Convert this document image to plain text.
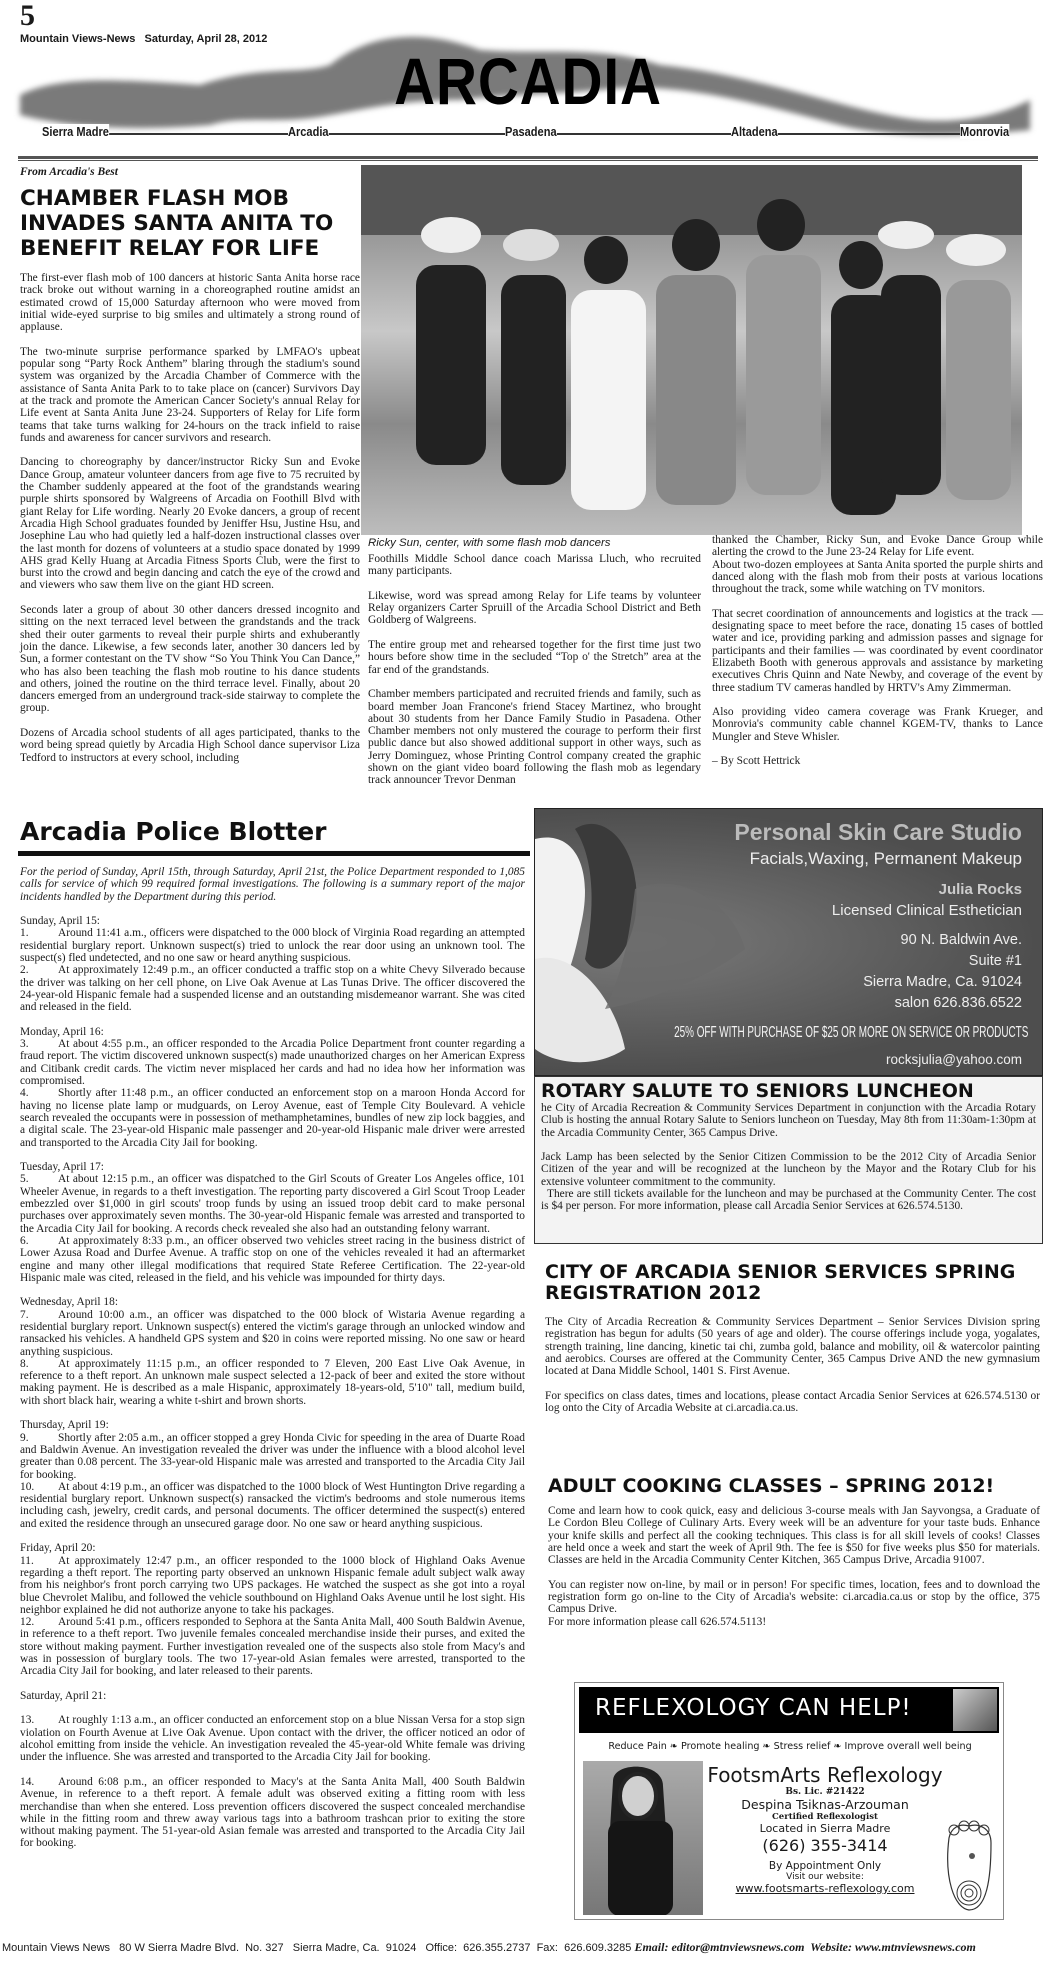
5
Mountain Views-News   Saturday, April 28, 2012
ARCADIA
Sierra Madre	Arcadia	Pasadena	Altadena	Monrovia
From Arcadia's Best
CHAMBER FLASH MOB INVADES SANTA ANITA TO BENEFIT RELAY FOR LIFE

The first-ever flash mob of 100 dancers at historic Santa Anita horse race track broke out without warning in a choreographed routine amidst an estimated crowd of 15,000 Saturday afternoon who were moved from initial wide-eyed surprise to big smiles and ultimately a strong round of applause.

The two-minute surprise performance sparked by LMFAO's upbeat popular song “Party Rock Anthem” blaring through the stadium's sound system was organized by the Arcadia Chamber of Commerce with the assistance of Santa Anita Park to to take place on (cancer) Survivors Day at the track and promote the American Cancer Society's annual Relay for Life event at Santa Anita June 23-24. Supporters of Relay for Life form teams that take turns walking for 24-hours on the track infield to raise funds and awareness for cancer survivors and research.

Dancing to choreography by dancer/instructor Ricky Sun and Evoke Dance Group, amateur volunteer dancers from age five to 75 recruited by the Chamber suddenly appeared at the foot of the grandstands wearing purple shirts sponsored by Walgreens of Arcadia on Foothill Blvd with giant Relay for Life wording. Nearly 20 Evoke dancers, a group of recent Arcadia High School graduates founded by Jeniffer Hsu, Justine Hsu, and Josephine Lau who had quietly led a half-dozen instructional classes over the last month for dozens of volunteers at a studio space donated by 1999 AHS grad Kelly Huang at Arcadia Fitness Sports Club, were the first to burst into the crowd and begin dancing and catch the eye of the crowd and and viewers who saw them live on the giant HD screen.

Seconds later a group of about 30 other dancers dressed incognito and sitting on the next terraced level between the grandstands and the track shed their outer garments to reveal their purple shirts and exhuberantly join the dance. Likewise, a few seconds later, another 30 dancers led by Sun, a former contestant on the TV show “So You Think You Can Dance,” who has also been teaching the flash mob routine to his dance students and others, joined the routine on the third terrace level. Finally, about 20 dancers emerged from an underground track-side stairway to complete the group.

Dozens of Arcadia school students of all ages participated, thanks to the word being spread quietly by Arcadia High School dance supervisor Liza Tedford to instructors at every school, including

Ricky Sun, center, with some flash mob dancers

Foothills Middle School dance coach Marissa Lluch, who recruited many participants.

Likewise, word was spread among Relay for Life teams by volunteer Relay organizers Carter Spruill of the Arcadia School District and Beth Goldberg of Walgreens.

The entire group met and rehearsed together for the first time just two hours before show time in the secluded “Top o' the Stretch” area at the far end of the grandstands.

Chamber members participated and recruited friends and family, such as board member Joan Francone's friend Stacey Martinez, who brought about 30 students from her Dance Family Studio in Pasadena. Other Chamber members not only mustered the courage to perform their first public dance but also showed additional support in other ways, such as Jerry Dominguez, whose Printing Control company created the graphic shown on the giant video board following the flash mob as legendary track announcer Trevor Denman

thanked the Chamber, Ricky Sun, and Evoke Dance Group while alerting the crowd to the June 23-24 Relay for Life event.

About two-dozen employees at Santa Anita sported the purple shirts and danced along with the flash mob from their posts at various locations throughout the track, some while watching on TV monitors.

That secret coordination of announcements and logistics at the track — designating space to meet before the race, donating 15 cases of bottled water and ice, providing parking and admission passes and signage for participants and their families — was coordinated by event coordinator Elizabeth Booth with generous approvals and assistance by marketing executives Chris Quinn and Nate Newby, and coverage of the event by three stadium TV cameras handled by HRTV's Amy Zimmerman.

Also providing video camera coverage was Frank Krueger, and Monrovia's community cable channel KGEM-TV, thanks to Lance Mungler and Steve Whisler.

– By Scott Hettrick

Arcadia Police Blotter

For the period of Sunday, April 15th, through Saturday, April 21st, the Police Department responded to 1,085 calls for service of which 99 required formal investigations. The following is a summary report of the major incidents handled by the Department during this period.

Sunday, April 15:
1.	Around 11:41 a.m., officers were dispatched to the 000 block of Virginia Road regarding an attempted residential burglary report. Unknown suspect(s) tried to unlock the rear door using an unknown tool. The suspect(s) fled undetected, and no one saw or heard anything suspicious.
2.	At approximately 12:49 p.m., an officer conducted a traffic stop on a white Chevy Silverado because the driver was talking on her cell phone, on Live Oak Avenue at Las Tunas Drive. The officer discovered the 24-year-old Hispanic female had a suspended license and an outstanding misdemeanor warrant. She was cited and released in the field.
Monday, April 16:
3.	At about 4:55 p.m., an officer responded to the Arcadia Police Department front counter regarding a fraud report. The victim discovered unknown suspect(s) made unauthorized charges on her American Express and Citibank credit cards. The victim never misplaced her cards and had no idea how her information was compromised.
4.	Shortly after 11:48 p.m., an officer conducted an enforcement stop on a maroon Honda Accord for having no license plate lamp or mudguards, on Leroy Avenue, east of Temple City Boulevard. A vehicle search revealed the occupants were in possession of methamphetamines, bundles of new zip lock baggies, and a digital scale. The 23-year-old Hispanic male passenger and 20-year-old Hispanic male driver were arrested and transported to the Arcadia City Jail for booking.
Tuesday, April 17:
5.	At about 12:15 p.m., an officer was dispatched to the Girl Scouts of Greater Los Angeles office, 101 Wheeler Avenue, in regards to a theft investigation. The reporting party discovered a Girl Scout Troop Leader embezzled over $1,000 in girl scouts' troop funds by using an issued troop debit card to make personal purchases over approximately seven months. The 30-year-old Hispanic female was arrested and transported to the Arcadia City Jail for booking. A records check revealed she also had an outstanding felony warrant.
6.	At approximately 8:33 p.m., an officer observed two vehicles street racing in the business district of Lower Azusa Road and Durfee Avenue. A traffic stop on one of the vehicles revealed it had an aftermarket engine and many other illegal modifications that required State Referee Certification. The 22-year-old Hispanic male was cited, released in the field, and his vehicle was impounded for thirty days.
Wednesday, April 18:
7.	Around 10:00 a.m., an officer was dispatched to the 000 block of Wistaria Avenue regarding a residential burglary report. Unknown suspect(s) entered the victim's garage through an unlocked window and ransacked his vehicles. A handheld GPS system and $20 in coins were reported missing. No one saw or heard anything suspicious.
8.	At approximately 11:15 p.m., an officer responded to 7 Eleven, 200 East Live Oak Avenue, in reference to a theft report. An unknown male suspect selected a 12-pack of beer and exited the store without making payment. He is described as a male Hispanic, approximately 18-years-old, 5'10" tall, medium build, with short black hair, wearing a white t-shirt and brown shorts.
Thursday, April 19:
9.	Shortly after 2:05 a.m., an officer stopped a grey Honda Civic for speeding in the area of Duarte Road and Baldwin Avenue. An investigation revealed the driver was under the influence with a blood alcohol level greater than 0.08 percent. The 33-year-old Hispanic male was arrested and transported to the Arcadia City Jail for booking.
10. At about 4:19 p.m., an officer was dispatched to the 1000 block of West Huntington Drive regarding a residential burglary report. Unknown suspect(s) ransacked the victim's bedrooms and stole numerous items including cash, jewelry, credit cards, and personal documents. The officer determined the suspect(s) entered and exited the residence through an unsecured garage door. No one saw or heard anything suspicious.
Friday, April 20:
11. At approximately 12:47 p.m., an officer responded to the 1000 block of Highland Oaks Avenue regarding a theft report. The reporting party observed an unknown Hispanic female adult subject walk away from his neighbor's front porch carrying two UPS packages. He watched the suspect as she got into a royal blue Chevrolet Malibu, and followed the vehicle southbound on Highland Oaks Avenue until he lost sight. His neighbor explained he did not authorize anyone to take his packages.
12. Around 5:41 p.m., officers responded to Sephora at the Santa Anita Mall, 400 South Baldwin Avenue, in reference to a theft report. Two juvenile females concealed merchandise inside their purses, and exited the store without making payment. Further investigation revealed one of the suspects also stole from Macy's and was in possession of burglary tools. The two 17-year-old Asian females were arrested, transported to the Arcadia City Jail for booking, and later released to their parents.
Saturday, April 21:
13. At roughly 1:13 a.m., an officer conducted an enforcement stop on a blue Nissan Versa for a stop sign violation on Fourth Avenue at Live Oak Avenue. Upon contact with the driver, the officer noticed an odor of alcohol emitting from inside the vehicle. An investigation revealed the 45-year-old White female was driving under the influence. She was arrested and transported to the Arcadia City Jail for booking.
14. Around 6:08 p.m., an officer responded to Macy's at the Santa Anita Mall, 400 South Baldwin Avenue, in reference to a theft report. A female adult was observed exiting a fitting room with less merchandise than when she entered. Loss prevention officers discovered the suspect concealed merchandise while in the fitting room and threw away various tags into a bathroom trashcan prior to exiting the store without making payment. The 51-year-old Asian female was arrested and transported to the Arcadia City Jail for booking.
Personal Skin Care Studio
Facials,Waxing, Permanent Makeup
Julia Rocks
Licensed Clinical Esthetician
90 N. Baldwin Ave.
Suite #1
Sierra Madre, Ca. 91024
salon 626.836.6522
25% OFF WITH PURCHASE OF $25 OR MORE ON SERVICE OR PRODUCTS
rocksjulia@yahoo.com
ROTARY SALUTE TO SENIORS LUNCHEON

he City of Arcadia Recreation & Community Services Department in conjunction with the Arcadia Rotary Club is hosting the annual Rotary Salute to Seniors luncheon on Tuesday, May 8th from 11:30am-1:30pm at the Arcadia Community Center, 365 Campus Drive.

Jack Lamp has been selected by the Senior Citizen Commission to be the 2012 City of Arcadia Senior Citizen of the year and will be recognized at the luncheon by the Mayor and the Rotary Club for his extensive volunteer commitment to the community.

There are still tickets available for the luncheon and may be purchased at the Community Center. The cost is $4 per person. For more information, please call Arcadia Senior Services at 626.574.5130.

CITY OF ARCADIA SENIOR SERVICES SPRING REGISTRATION 2012

The City of Arcadia Recreation & Community Services Department – Senior Services Division spring registration has begun for adults (50 years of age and older). The course offerings include yoga, yogalates, strength training, line dancing, kinetic tai chi, zumba gold, balance and mobility, oil & watercolor painting and aerobics. Courses are offered at the Community Center, 365 Campus Drive AND the new gymnasium located at Dana Middle School, 1401 S. First Avenue.

For specifics on class dates, times and locations, please contact Arcadia Senior Services at 626.574.5130 or log onto the City of Arcadia Website at ci.arcadia.ca.us.

ADULT COOKING CLASSES – SPRING 2012!

Come and learn how to cook quick, easy and delicious 3-course meals with Jan Sayvongsa, a Graduate of Le Cordon Bleu College of Culinary Arts. Every week will be an adventure for your taste buds. Enhance your knife skills and perfect all the cooking techniques. This class is for all skill levels of cooks! Classes are held once a week and start the week of April 9th. The fee is $50 for five weeks plus $50 for materials. Classes are held in the Arcadia Community Center Kitchen, 365 Campus Drive, Arcadia 91007.

You can register now on-line, by mail or in person! For specific times, location, fees and to download the registration form go on-line to the City of Arcadia's website: ci.arcadia.ca.us or stop by the office, 375 Campus Drive.

For more information please call 626.574.5113!

REFLEXOLOGY CAN HELP!
Reduce Pain ❧ Promote healing ❧ Stress relief ❧ Improve overall well being
FootsmArts Reflexology
Bs. Lic. #21422
Despina Tsiknas-Arzouman
Certified Reflexologist
Located in Sierra Madre
(626) 355-3414
By Appointment Only
Visit our website:
www.footsmarts-reflexology.com
Mountain Views News   80 W Sierra Madre Blvd.  No. 327   Sierra Madre, Ca.  91024   Office:  626.355.2737  Fax:  626.609.3285 Email: editor@mtnviewsnews.com  Website: www.mtnviewsnews.com
